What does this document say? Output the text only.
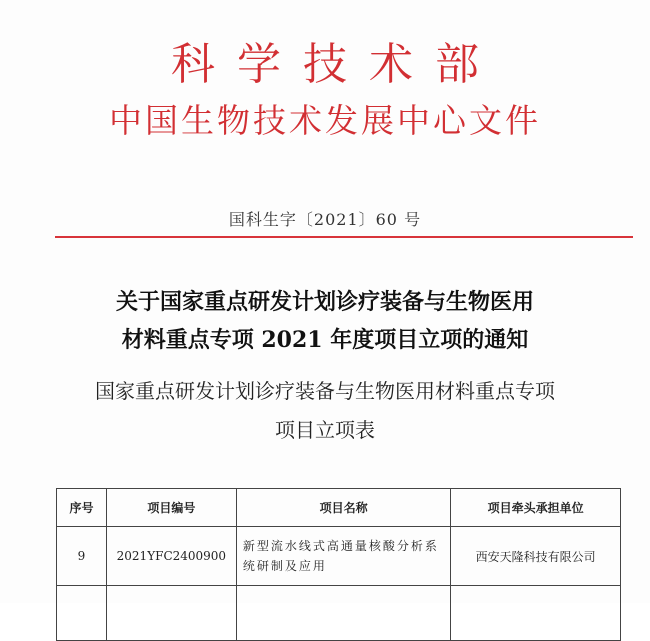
科学技术部
中国生物技术发展中心文件
国科生字〔2021〕60 号
关于国家重点研发计划诊疗装备与生物医用
材料重点专项 2021 年度项目立项的通知
国家重点研发计划诊疗装备与生物医用材料重点专项
项目立项表
序号	项目编号	项目名称	项目牵头承担单位
9	2021YFC2400900	新型流水线式高通量核酸分析系统研制及应用	西安天隆科技有限公司
